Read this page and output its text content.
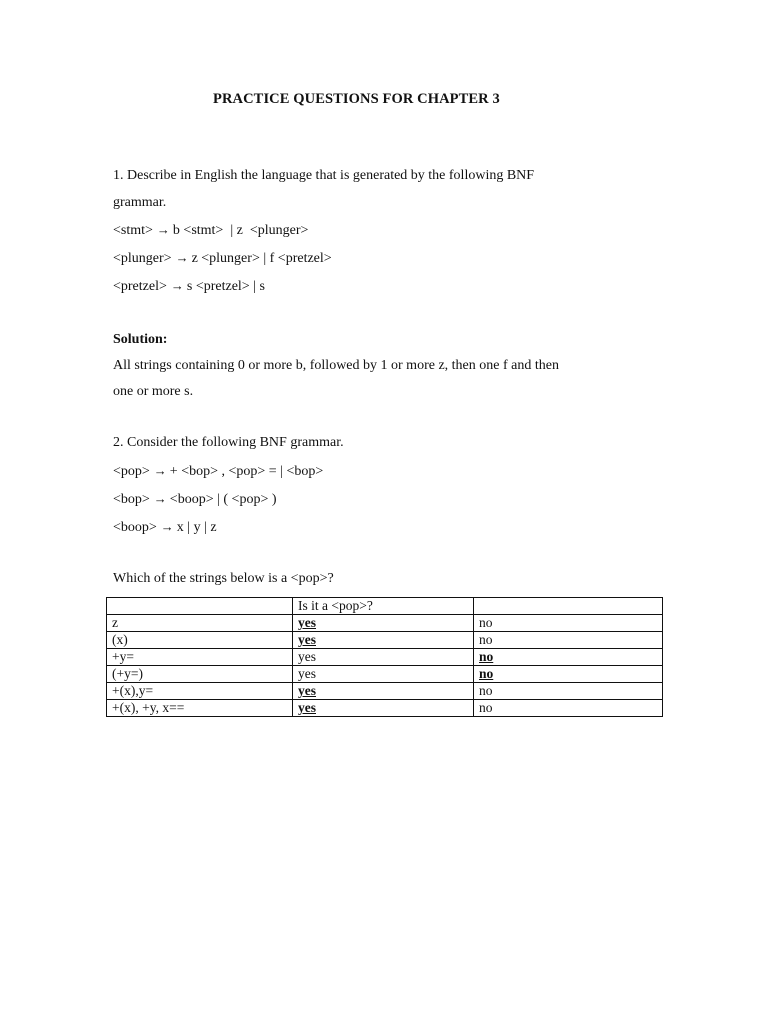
PRACTICE QUESTIONS FOR CHAPTER 3
1. Describe in English the language that is generated by the following BNF
grammar.
<stmt> → b <stmt>  | z  <plunger>
<plunger> → z <plunger> | f <pretzel>
<pretzel> → s <pretzel> | s
Solution:
All strings containing 0 or more b, followed by 1 or more z, then one f and then
one or more s.
2. Consider the following BNF grammar.
<pop> → + <bop> , <pop> = | <bop>
<bop> → <boop> | ( <pop> )
<boop> → x | y | z
Which of the strings below is a <pop>?
	Is it a <pop>?	
z	yes	no
(x)	yes	no
+y=	yes	no
(+y=)	yes	no
+(x),y=	yes	no
+(x), +y, x==	yes	no
